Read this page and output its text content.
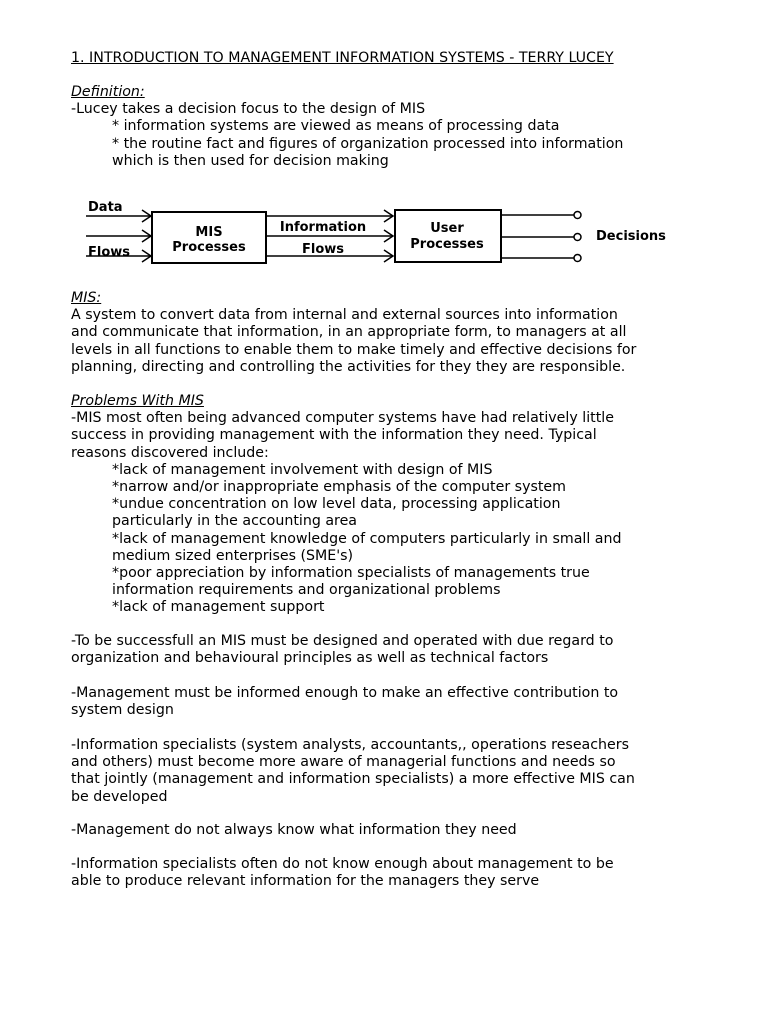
1. INTRODUCTION TO MANAGEMENT INFORMATION SYSTEMS - TERRY LUCEY
Definition:
-Lucey takes a decision focus to the design of MIS
* information systems are viewed as means of processing data
* the routine fact and figures of organization processed into information
which is then used for decision making
Data
Flows
MIS
Processes
Information
Flows
User
Processes
Decisions
MIS:
A system to convert data from internal and external sources into information
and communicate that information, in an appropriate form, to managers at all
levels in all functions to enable them to make timely and effective decisions for
planning, directing and controlling the activities for they they are responsible.
Problems With MIS
-MIS most often being advanced computer systems have had relatively little
success in providing management with the information they need. Typical
reasons discovered include:
*lack of management involvement with design of MIS
*narrow and/or inappropriate emphasis of the computer system
*undue concentration on low level data, processing application
particularly in the accounting area
*lack of management knowledge of computers particularly in small and
medium sized enterprises (SME's)
*poor appreciation by information specialists of managements true
information requirements and organizational problems
*lack of management support
-To be successfull an MIS must be designed and operated with due regard to
organization and behavioural principles as well as technical factors
-Management must be informed enough to make an effective contribution to
system design
-Information specialists (system analysts, accountants,, operations reseachers
and others) must become more aware of managerial functions and needs so
that jointly (management and information specialists) a more effective MIS can
be developed
-Management do not always know what information they need
-Information specialists often do not know enough about management to be
able to produce relevant information for the managers they serve
